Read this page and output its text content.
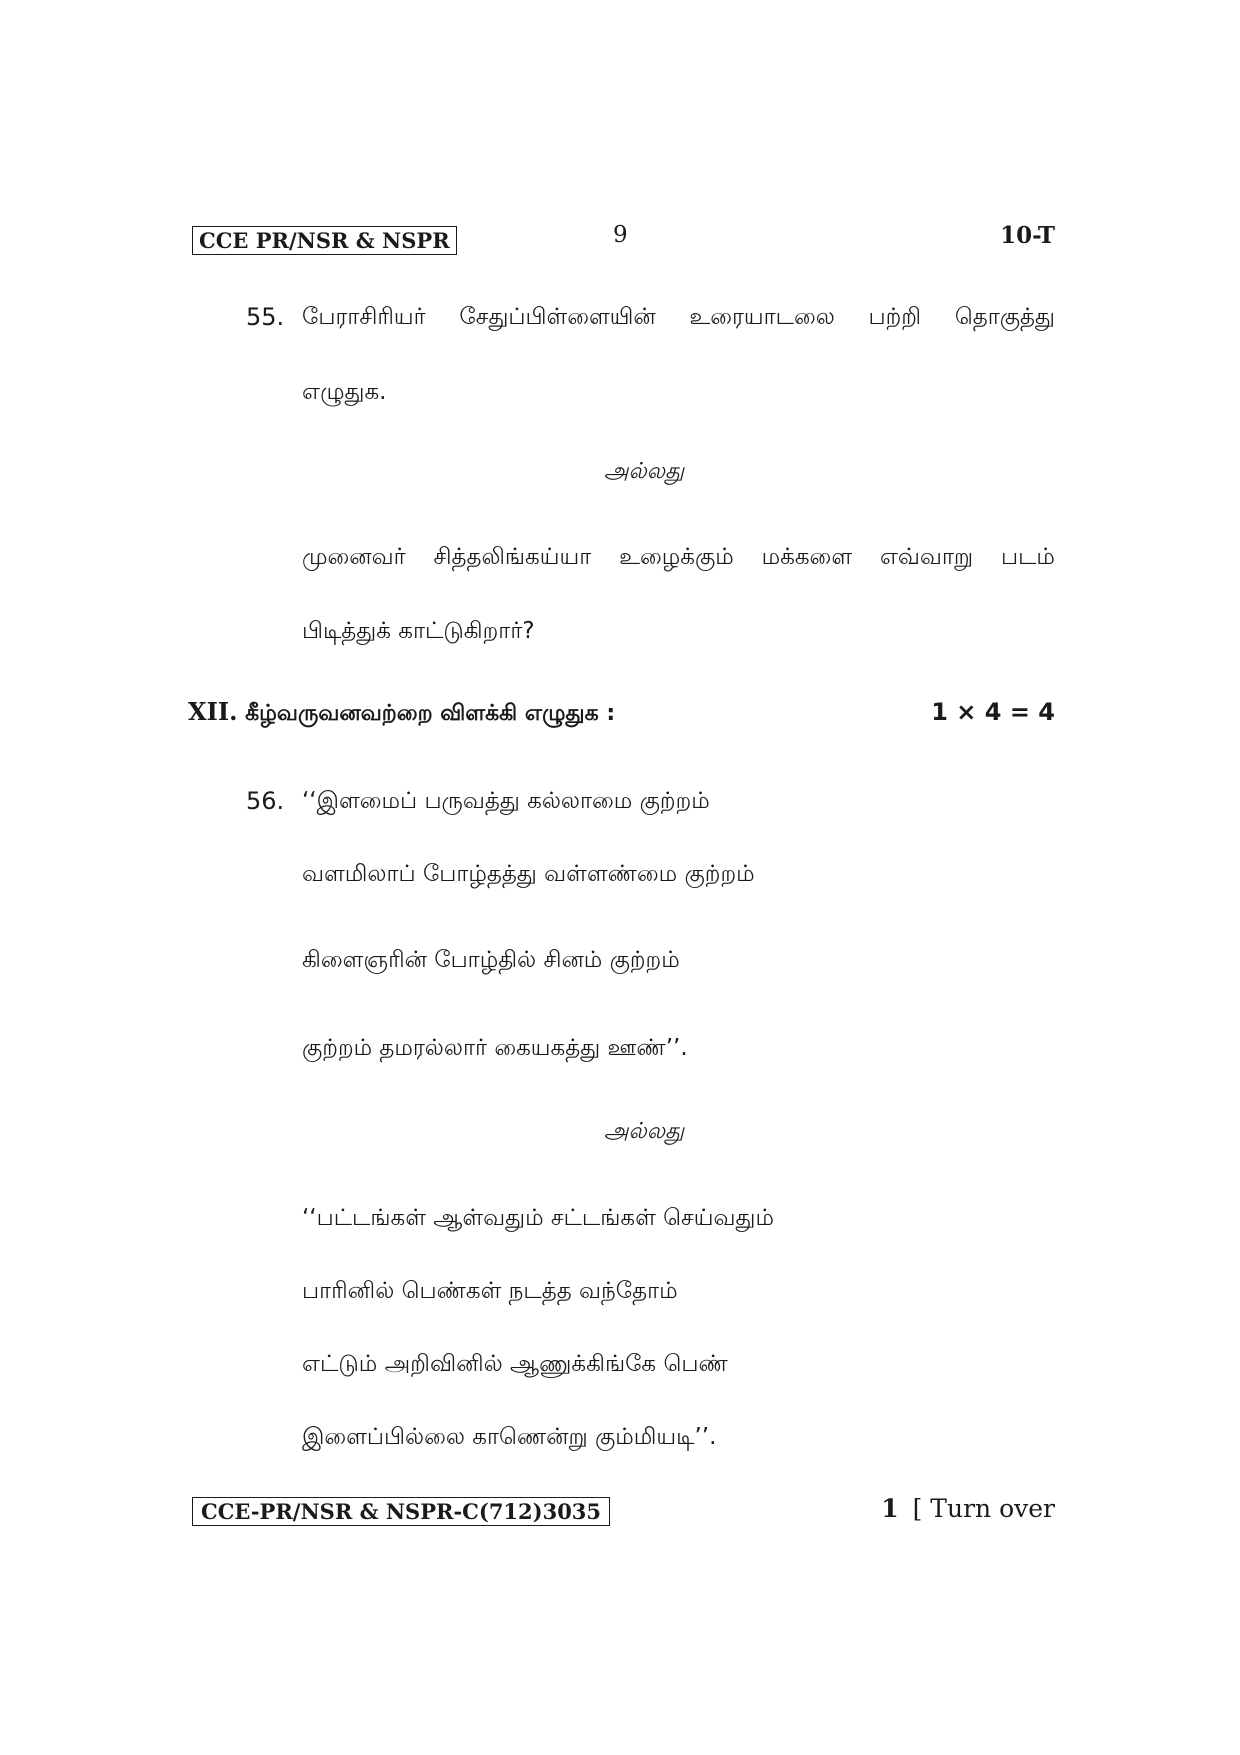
CCE PR/NSR & NSPR	9	10-T
55. பேராசிரியர் சேதுப்பிள்ளையின் உரையாடலை பற்றி தொகுத்து
எழுதுக.
அல்லது
முனைவர் சித்தலிங்கய்யா உழைக்கும் மக்களை எவ்வாறு படம்
பிடித்துக் காட்டுகிறார்?
XII. கீழ்வருவனவற்றை விளக்கி எழுதுக :	1 × 4 = 4
56. ‘‘இளமைப் பருவத்து கல்லாமை குற்றம்
வளமிலாப் போழ்தத்து வள்ளண்மை குற்றம்
கிளைஞரின் போழ்தில் சினம் குற்றம்
குற்றம் தமரல்லார் கையகத்து ஊண்’’.
அல்லது
‘‘பட்டங்கள் ஆள்வதும் சட்டங்கள் செய்வதும்
பாரினில் பெண்கள் நடத்த வந்தோம்
எட்டும் அறிவினில் ஆணுக்கிங்கே பெண்
இளைப்பில்லை காணென்று கும்மியடி’’.
CCE-PR/NSR & NSPR-C(712)3035	1 [ Turn over
